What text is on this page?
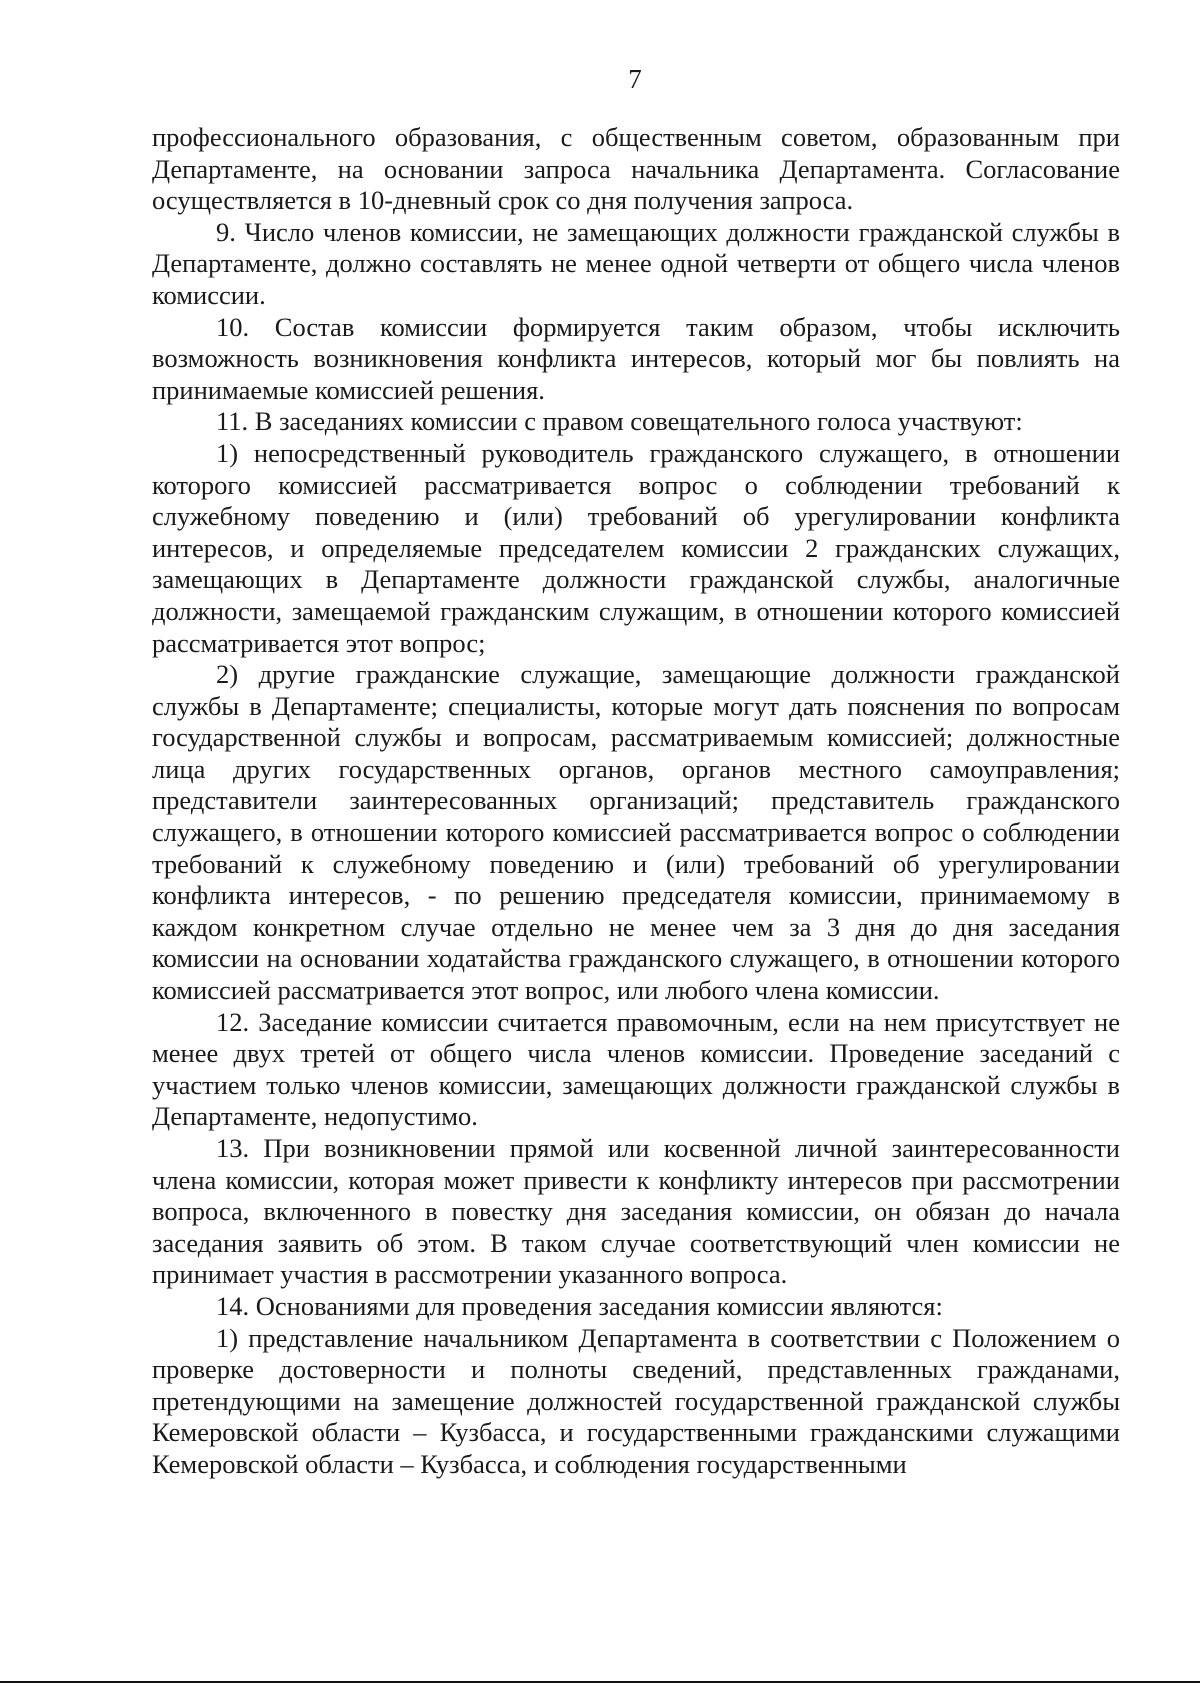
7

профессионального образования, с общественным советом, образованным при Департаменте, на основании запроса начальника Департамента. Согласование осуществляется в 10-дневный срок со дня получения запроса.

9. Число членов комиссии, не замещающих должности гражданской службы в Департаменте, должно составлять не менее одной четверти от общего числа членов комиссии.

10. Состав комиссии формируется таким образом, чтобы исключить возможность возникновения конфликта интересов, который мог бы повлиять на принимаемые комиссией решения.

11. В заседаниях комиссии с правом совещательного голоса участвуют:

1) непосредственный руководитель гражданского служащего, в отношении которого комиссией рассматривается вопрос о соблюдении требований к служебному поведению и (или) требований об урегулировании конфликта интересов, и определяемые председателем комиссии 2 гражданских служащих, замещающих в Департаменте должности гражданской службы, аналогичные должности, замещаемой гражданским служащим, в отношении которого комиссией рассматривается этот вопрос;

2) другие гражданские служащие, замещающие должности гражданской службы в Департаменте; специалисты, которые могут дать пояснения по вопросам государственной службы и вопросам, рассматриваемым комиссией; должностные лица других государственных органов, органов местного самоуправления; представители заинтересованных организаций; представитель гражданского служащего, в отношении которого комиссией рассматривается вопрос о соблюдении требований к служебному поведению и (или) требований об урегулировании конфликта интересов, - по решению председателя комиссии, принимаемому в каждом конкретном случае отдельно не менее чем за 3 дня до дня заседания комиссии на основании ходатайства гражданского служащего, в отношении которого комиссией рассматривается этот вопрос, или любого члена комиссии.

12. Заседание комиссии считается правомочным, если на нем присутствует не менее двух третей от общего числа членов комиссии. Проведение заседаний с участием только членов комиссии, замещающих должности гражданской службы в Департаменте, недопустимо.

13. При возникновении прямой или косвенной личной заинтересованности члена комиссии, которая может привести к конфликту интересов при рассмотрении вопроса, включенного в повестку дня заседания комиссии, он обязан до начала заседания заявить об этом. В таком случае соответствующий член комиссии не принимает участия в рассмотрении указанного вопроса.

14. Основаниями для проведения заседания комиссии являются:

1) представление начальником Департамента в соответствии с Положением о проверке достоверности и полноты сведений, представленных гражданами, претендующими на замещение должностей государственной гражданской службы Кемеровской области – Кузбасса, и государственными гражданскими служащими Кемеровской области – Кузбасса, и соблюдения государственными
